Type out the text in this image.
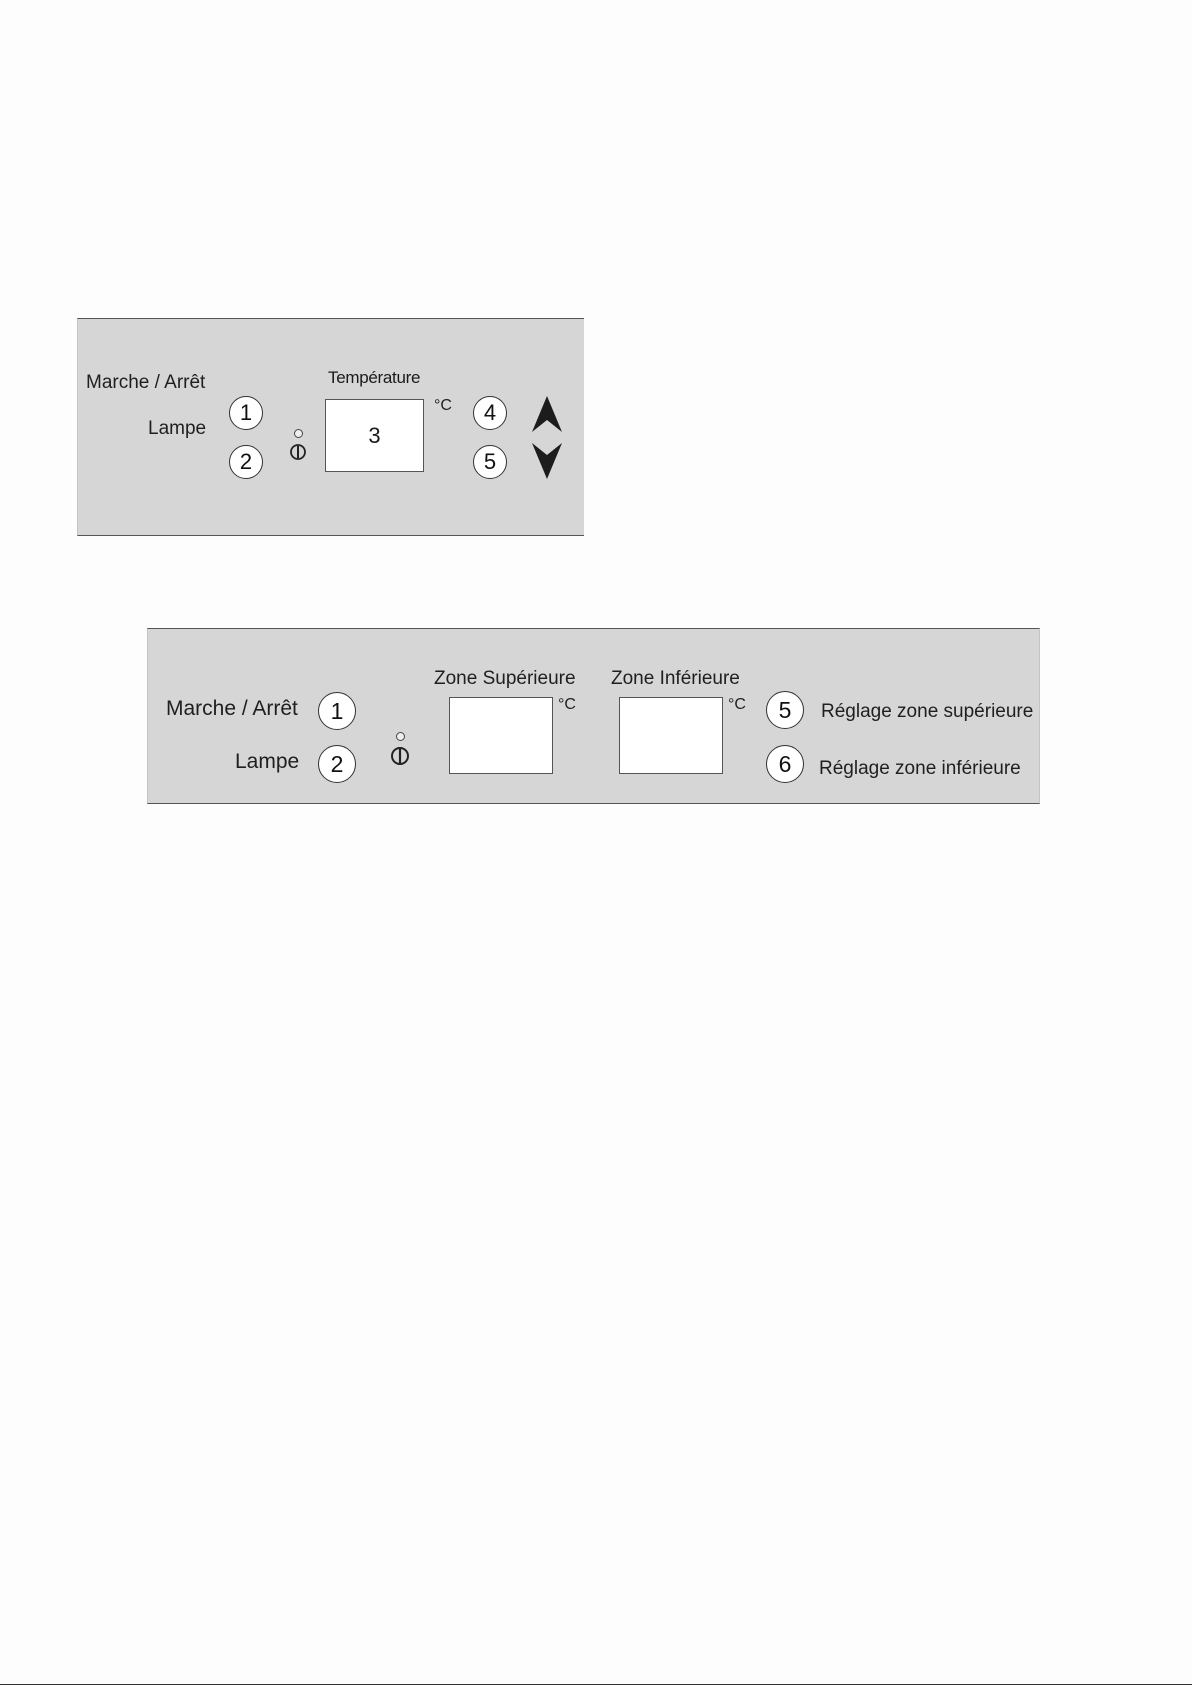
Marche / Arrêt
1
Lampe
2
Température
3
°C	4
5
Marche / Arrêt	1
Lampe	2
Zone Supérieure
°C
Zone Inférieure
°C	5	Réglage zone supérieure
6	Réglage zone inférieure
